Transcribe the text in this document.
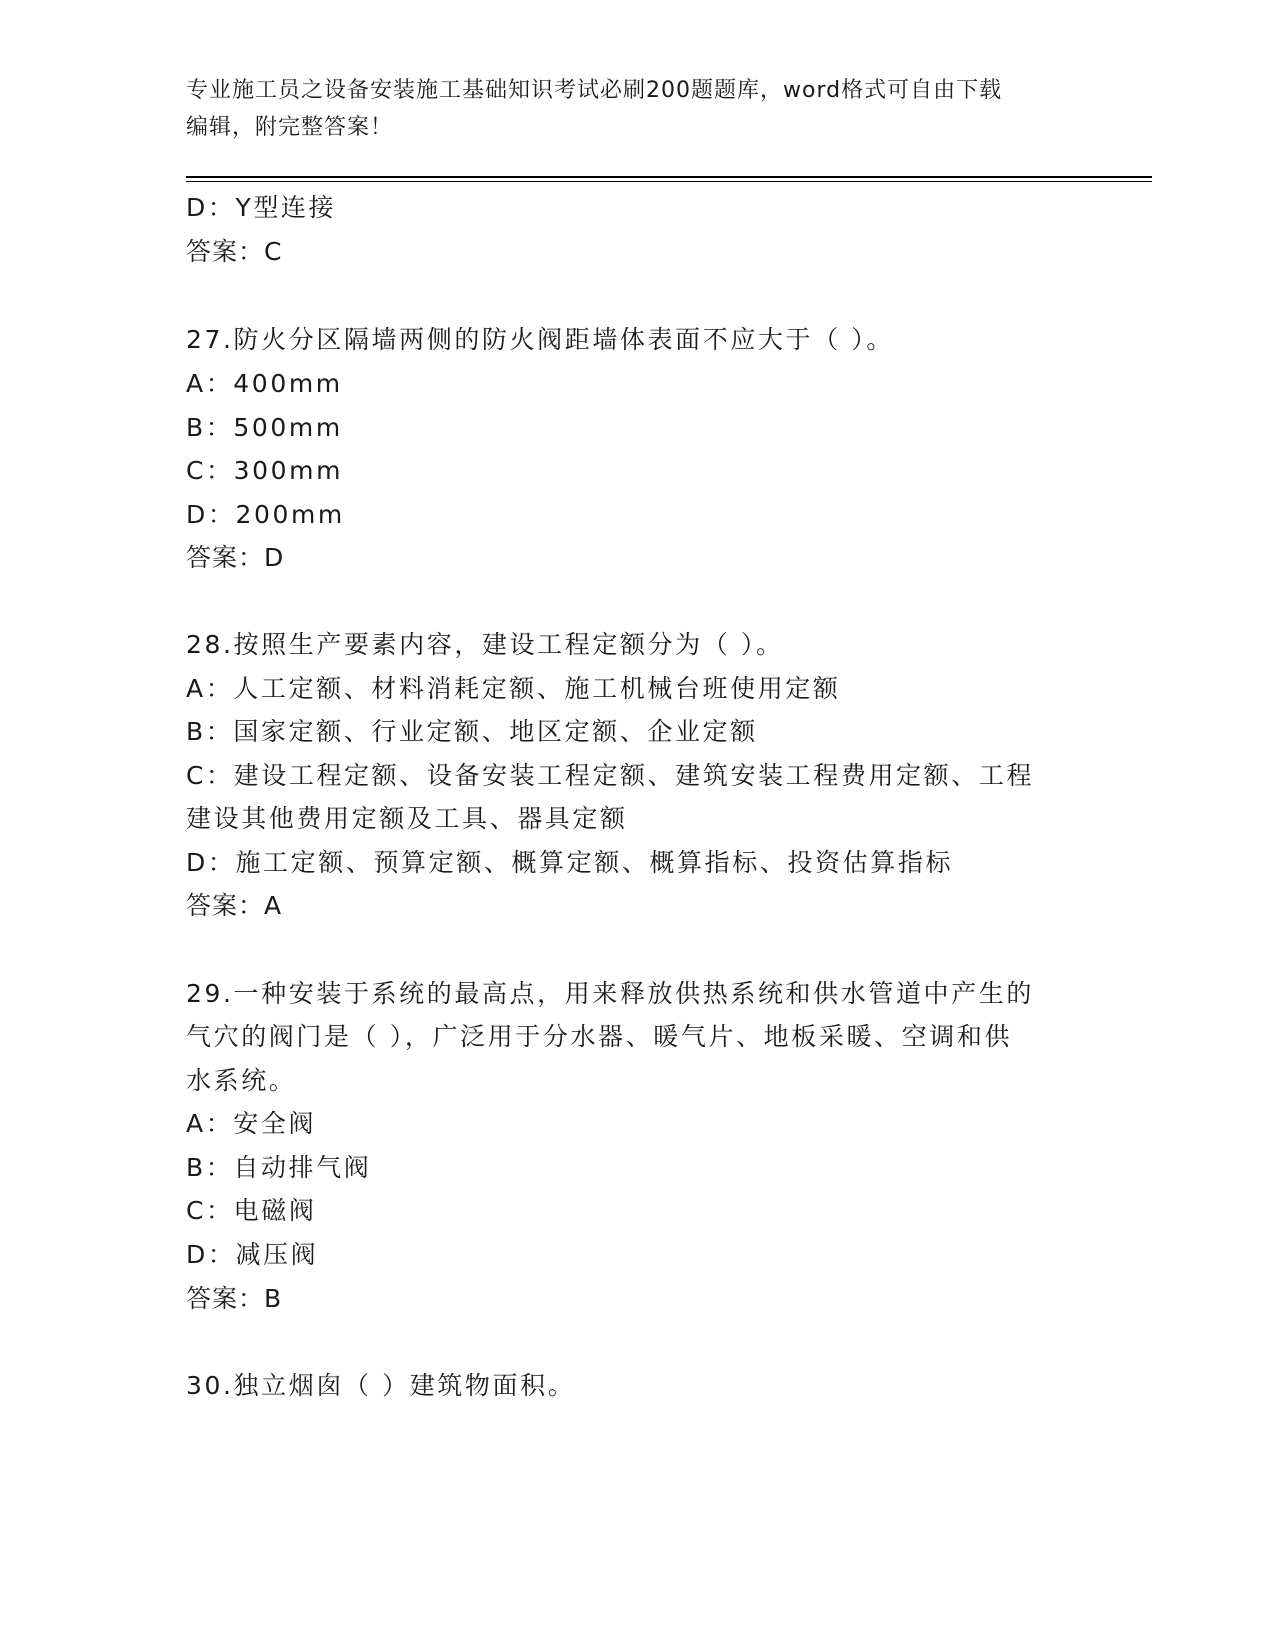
专业施工员之设备安装施工基础知识考试必刷200题题库，word格式可自由下载
编辑，附完整答案！
D：Y型连接
答案：C
27.防火分区隔墙两侧的防火阀距墙体表面不应大于（ ）。
A：400mm
B：500mm
C：300mm
D：200mm
答案：D
28.按照生产要素内容，建设工程定额分为（ ）。
A：人工定额、材料消耗定额、施工机械台班使用定额
B：国家定额、行业定额、地区定额、企业定额
C：建设工程定额、设备安装工程定额、建筑安装工程费用定额、工程
建设其他费用定额及工具、器具定额
D：施工定额、预算定额、概算定额、概算指标、投资估算指标
答案：A
29.一种安装于系统的最高点，用来释放供热系统和供水管道中产生的
气穴的阀门是（ ），广泛用于分水器、暖气片、地板采暖、空调和供
水系统。
A：安全阀
B：自动排气阀
C：电磁阀
D：减压阀
答案：B
30.独立烟囱（ ）建筑物面积。
